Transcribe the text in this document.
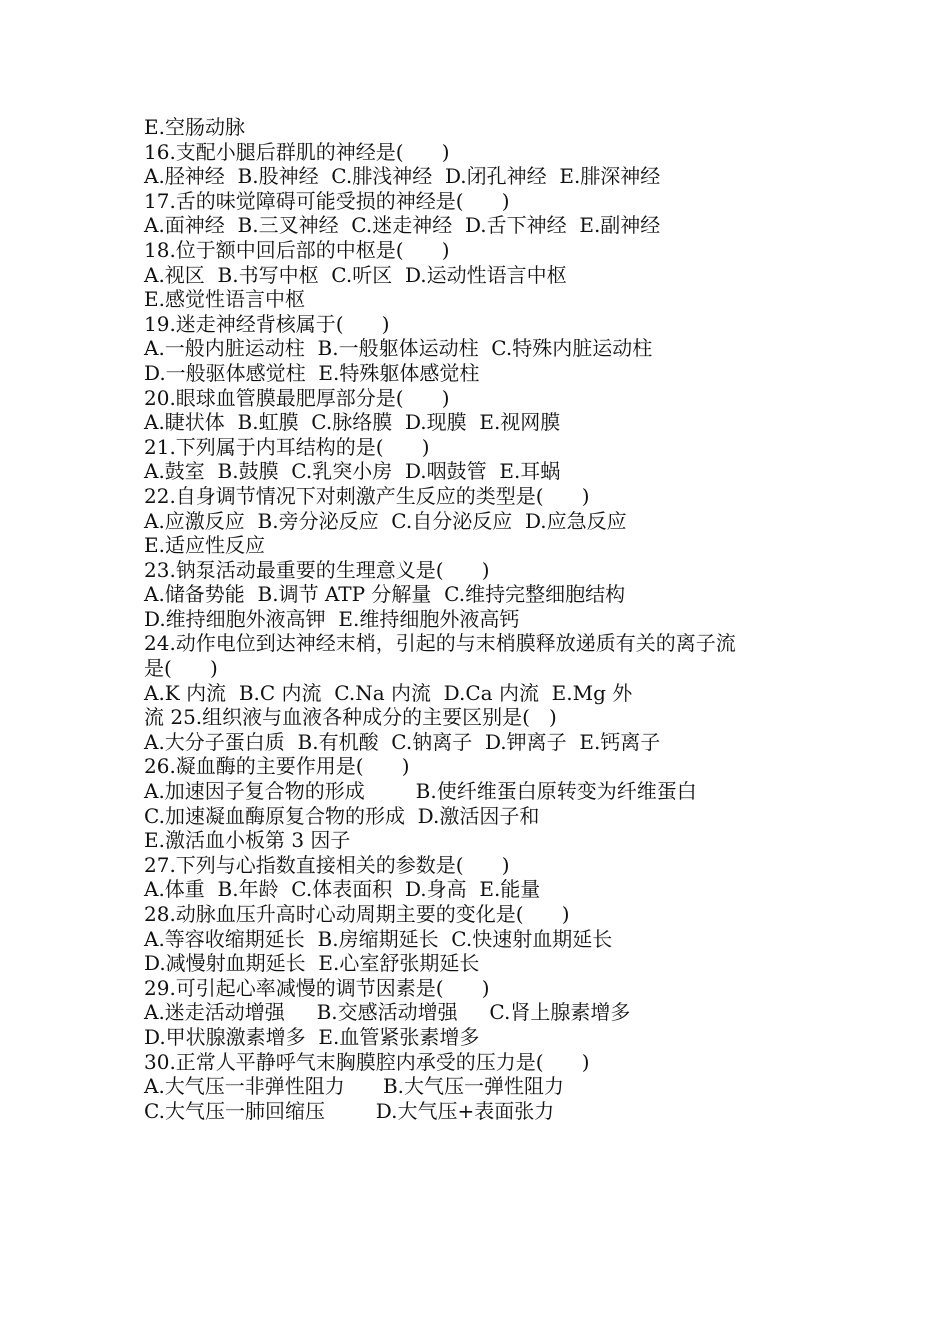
E.空肠动脉
16.支配小腿后群肌的神经是(      )
A.胫神经  B.股神经  C.腓浅神经  D.闭孔神经  E.腓深神经
17.舌的味觉障碍可能受损的神经是(      )
A.面神经  B.三叉神经  C.迷走神经  D.舌下神经  E.副神经
18.位于额中回后部的中枢是(      )
A.视区  B.书写中枢  C.听区  D.运动性语言中枢
E.感觉性语言中枢
19.迷走神经背核属于(      )
A.一般内脏运动柱  B.一般躯体运动柱  C.特殊内脏运动柱
D.一般驱体感觉柱  E.特殊躯体感觉柱
20.眼球血管膜最肥厚部分是(      )
A.睫状体  B.虹膜  C.脉络膜  D.现膜  E.视网膜
21.下列属于内耳结构的是(      )
A.鼓室  B.鼓膜  C.乳突小房  D.咽鼓管  E.耳蜗
22.自身调节情况下对刺激产生反应的类型是(      )
A.应激反应  B.旁分泌反应  C.自分泌反应  D.应急反应
E.适应性反应
23.钠泵活动最重要的生理意义是(      )
A.储备势能  B.调节 ATP 分解量  C.维持完整细胞结构
D.维持细胞外液高钾  E.维持细胞外液高钙
24.动作电位到达神经末梢，引起的与末梢膜释放递质有关的离子流
是(      )
A.K 内流  B.C 内流  C.Na 内流  D.Ca 内流  E.Mg 外
流 25.组织液与血液各种成分的主要区别是(   )
A.大分子蛋白质  B.有机酸  C.钠离子  D.钾离子  E.钙离子
26.凝血酶的主要作用是(      )
A.加速因子复合物的形成        B.使纤维蛋白原转变为纤维蛋白
C.加速凝血酶原复合物的形成  D.激活因子和
E.激活血小板第 3 因子
27.下列与心指数直接相关的参数是(      )
A.体重  B.年龄  C.体表面积  D.身高  E.能量
28.动脉血压升高时心动周期主要的变化是(      )
A.等容收缩期延长  B.房缩期延长  C.快速射血期延长
D.减慢射血期延长  E.心室舒张期延长
29.可引起心率减慢的调节因素是(      )
A.迷走活动增强     B.交感活动增强     C.肾上腺素增多
D.甲状腺激素增多  E.血管紧张素增多
30.正常人平静呼气末胸膜腔内承受的压力是(      )
A.大气压一非弹性阻力      B.大气压一弹性阻力
C.大气压一肺回缩压        D.大气压+表面张力
